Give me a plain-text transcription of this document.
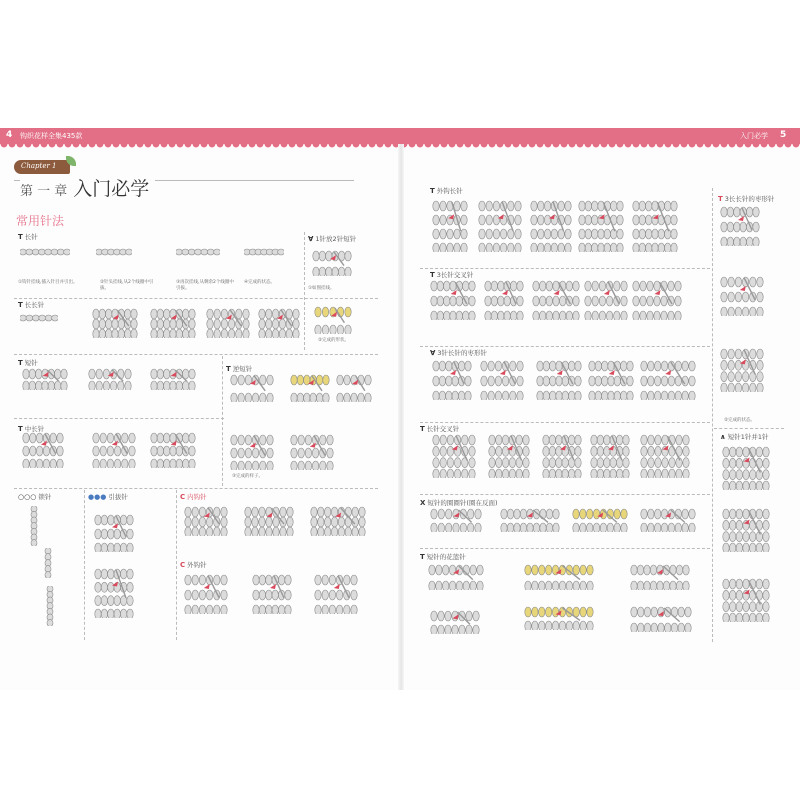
4 钩织花样全集435款	入门必学 5
Chapter 1
第 一 章 入门必学
常用针法
T 长针
T 长长针
T 短针
T 中长针
○○○ 锁针	●●● 引拔针
∀ 1针放2针短针
T 逆短针
C 内钩针
C 外钩针
T 外钩长针
T 3长长针的枣形针
T 3长针交叉针
∀ 3针长针的枣形针
X 短针的圈圈针(圈在反面)
T 短针的花篮针
T 长针交叉针
∧ 短针1针并1针
①钩针挂线,插入针目并引出。	②针头挂线,从2个线圈中引拔。
③再次挂线,从剩余2个线圈中引拔。
④完成的状态。
①如图挂线。
②完成的形状。
③完成的样子。
②完成的状态。
